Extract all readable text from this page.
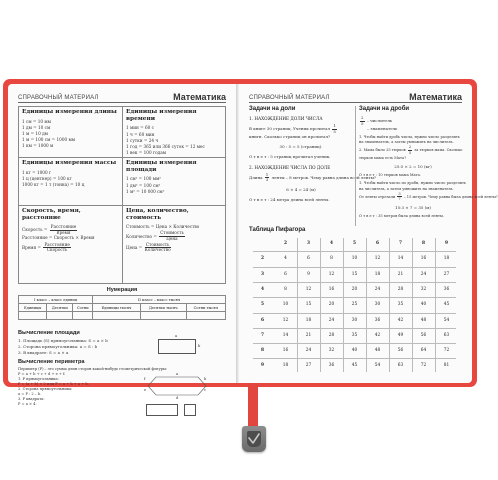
СПРАВОЧНЫЙ МАТЕРИАЛ	Математика
Единицы измерения длины
1 см = 10 мм
1 дм = 10 см
1 м = 10 дм
1 м = 100 см = 1000 мм
1 км = 1000 м
Единицы измерения времени
1 мин = 60 с
1 ч = 60 мин
1 сутки = 24 ч
1 год = 365 или 366 суток = 12 мес
1 век = 100 годам
Единицы измерения массы
1 кг = 1000 г
1 ц (центнер) = 100 кг
1000 кг = 1 т (тонна) = 10 ц
Единицы измерения площади
1 см² = 100 мм²
1 дм² = 100 см²
1 м² = 10 000 см²
Скорость, время, расстояние
Скорость = $\frac{\text{Расстояние}}{\text{Время}}$
Расстояние = Скорость × Время
Время = $\frac{\text{Расстояние}}{\text{Скорость}}$
Цена, количество, стоимость
Стоимость = Цена × Количество
Количество = $\frac{\text{Стоимость}}{\text{Цена}}$
Цена = $\frac{\text{Стоимость}}{\text{Количество}}$
Нумерация
I класс – класс единиц			II класс – класс тысяч		
Единицы	Десятки	Сотни	Единицы тысяч	Десятки тысяч	Сотни тысяч

Вычисление площади
1. Площадь (S) прямоугольника: S = a × b
2. Сторона прямоугольника: a = S : b
3. В квадрате: S = a × a
a
b
Вычисление периметра
Периметр (P) – это сумма длин сторон какой-нибудь геометрической фигуры:
P = a + b + c + d + e + f.
1. P прямоугольника:
P = (a + b) × 2 или P = a + b + a + b.
2. Сторона прямоугольника:
a = P : 2 – b.
3. P квадрата:
P = a × 4.
a
b
c
d
e
f
СПРАВОЧНЫЙ МАТЕРИАЛ	Математика
Задачи на доли
1. НАХОЖДЕНИЕ ДОЛИ ЧИСЛА
В книге 30 страниц. Ученик прочитал $\frac{1}{5}$
книги. Сколько страниц он прочитал?
30 : 5 = 5 (страниц).
О т в е т : 5 страниц прочитал ученик.
2. НАХОЖДЕНИЕ ЧИСЛА ПО ДОЛЕ
Длина $\frac{1}{3}$ ленты – 8 метров. Чему равна длина всей ленты?
6 × 4 = 24 (м)
О т в е т : 24 метра длина всей ленты.
Задачи на дроби
$\frac{2}{5}$ – числитель
– знаменатель
1. Чтобы найти дробь числа, нужно число разделить
на знаменатель, а затем умножить на числитель.
2. Мама было 25 тюрков $\frac{2}{5}$ за тюрков мама. Сколько
тюрков мама есть Мата?
25:5 × 2 = 10 (кг)
О т в е т : 10 тюрков мама Мата.
1. Чтобы найти число по дроби, нужно число разделить
на числитель, а затем умножить на знаменатель.
От ленты отрезали $\frac{3}{7} - 15$ метров. Чему равна была длина всей ленты?
15:3 × 7 = 35 (м)
О т в е т : 35 метров была длина всей ленты.
Таблица Пифагора
2	3	4	5	6	7	8	9
2	4	6	8	10	12	14	16	18
3	6	9	12	15	18	21	24	27
4	8	12	16	20	24	28	32	36
5	10	15	20	25	30	35	40	45
6	12	18	24	30	36	42	48	54
7	14	21	28	35	42	49	56	63
8	16	24	32	40	48	56	64	72
9	18	27	36	45	54	63	72	81
